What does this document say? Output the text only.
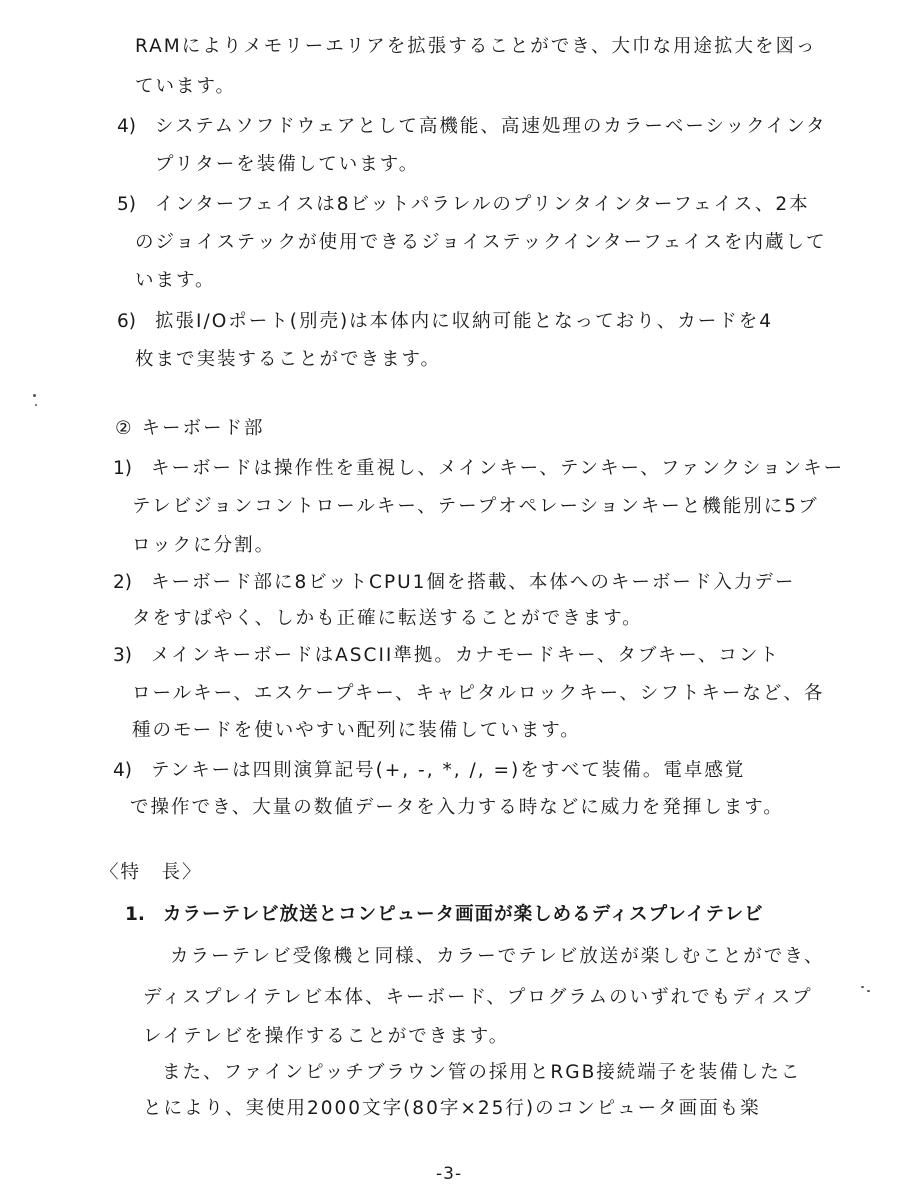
RAMによりメモリーエリアを拡張することができ、大巾な用途拡大を図っ
ています。
4) システムソフドウェアとして高機能、高速処理のカラーベーシックインタ
プリターを装備しています。
5) インターフェイスは8ビットパラレルのプリンタインターフェイス、2本
のジョイステックが使用できるジョイステックインターフェイスを内蔵して
います。
6) 拡張I/Oポート(別売)は本体内に収納可能となっており、カードを4
枚まで実装することができます。
② キーボード部
1) キーボードは操作性を重視し、メインキー、テンキー、ファンクションキー
テレビジョンコントロールキー、テープオペレーションキーと機能別に5ブ
ロックに分割。
2) キーボード部に8ビットCPU1個を搭載、本体へのキーボード入力デー
タをすばやく、しかも正確に転送することができます。
3) メインキーボードはASCII準拠。カナモードキー、タブキー、コント
ロールキー、エスケープキー、キャピタルロックキー、シフトキーなど、各
種のモードを使いやすい配列に装備しています。
4) テンキーは四則演算記号(+, -, *, /, =)をすべて装備。電卓感覚
で操作でき、大量の数値データを入力する時などに威力を発揮します。
〈特　長〉
1. カラーテレビ放送とコンピュータ画面が楽しめるディスプレイテレビ
カラーテレビ受像機と同様、カラーでテレビ放送が楽しむことができ、
ディスプレイテレビ本体、キーボード、プログラムのいずれでもディスプ
レイテレビを操作することができます。
また、ファインピッチブラウン管の採用とRGB接続端子を装備したこ
とにより、実使用2000文字(80字×25行)のコンピュータ画面も楽
-3-
